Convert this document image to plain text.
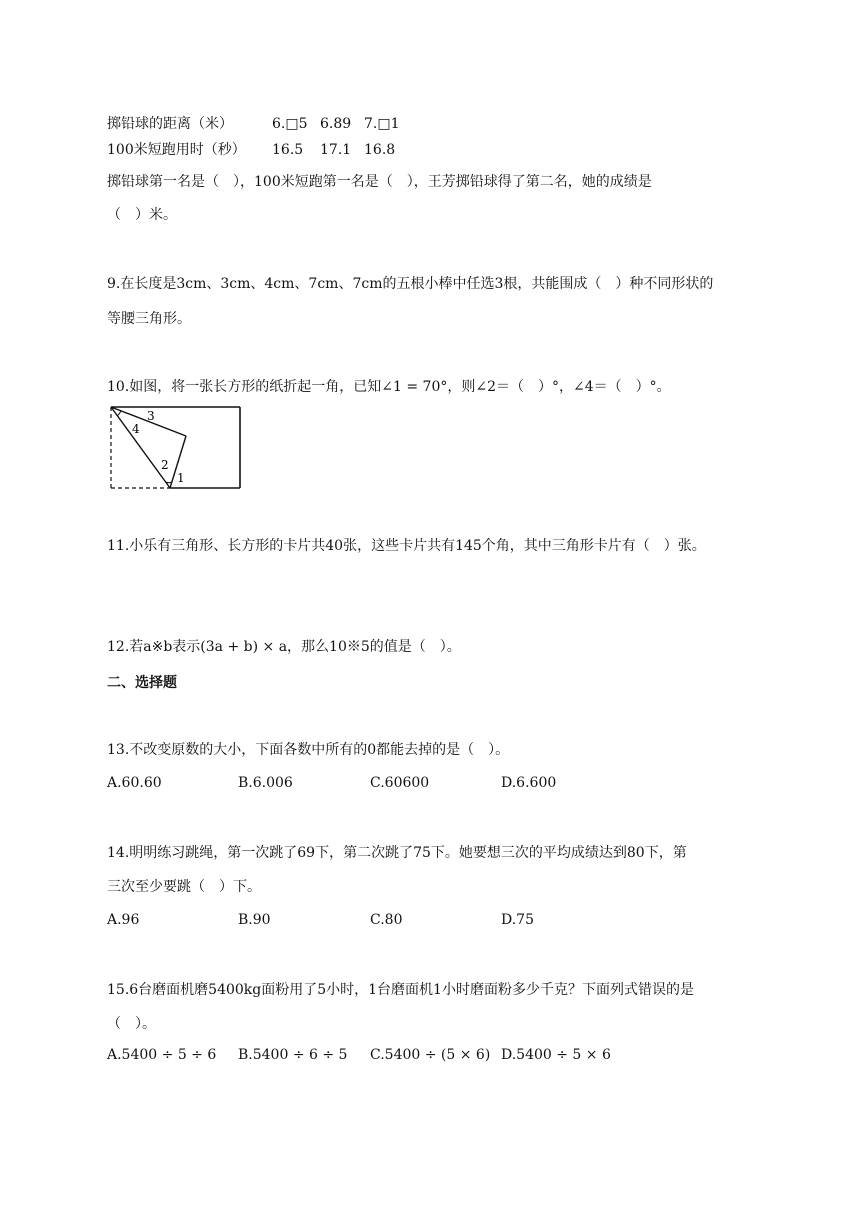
掷铅球的距离（米）	6.□5 6.89 7.□1
100米短跑用时（秒） 16.5 17.1 16.8
掷铅球第一名是（　），100米短跑第一名是（　），王芳掷铅球得了第二名，她的成绩是
（　）米。
9.在长度是3cm、3cm、4cm、7cm、7cm的五根小棒中任选3根，共能围成（　）种不同形状的
等腰三角形。
10.如图，将一张长方形的纸折起一角，已知∠1 = 70°，则∠2＝（　）°，∠4＝（　）°。
3
4
2
1
11.小乐有三角形、长方形的卡片共40张，这些卡片共有145个角，其中三角形卡片有（　）张。
12.若a※b表示(3a + b) × a，那么10※5的值是（　）。
二、选择题
13.不改变原数的大小，下面各数中所有的0都能去掉的是（　）。
A.60.60	B.6.006	C.60600	D.6.600
14.明明练习跳绳，第一次跳了69下，第二次跳了75下。她要想三次的平均成绩达到80下，第
三次至少要跳（　）下。
A.96	B.90	C.80	D.75
15.6台磨面机磨5400kg面粉用了5小时，1台磨面机1小时磨面粉多少千克？下面列式错误的是
（　）。
A.5400 ÷ 5 ÷ 6 B.5400 ÷ 6 ÷ 5 C.5400 ÷ (5 × 6) D.5400 ÷ 5 × 6
